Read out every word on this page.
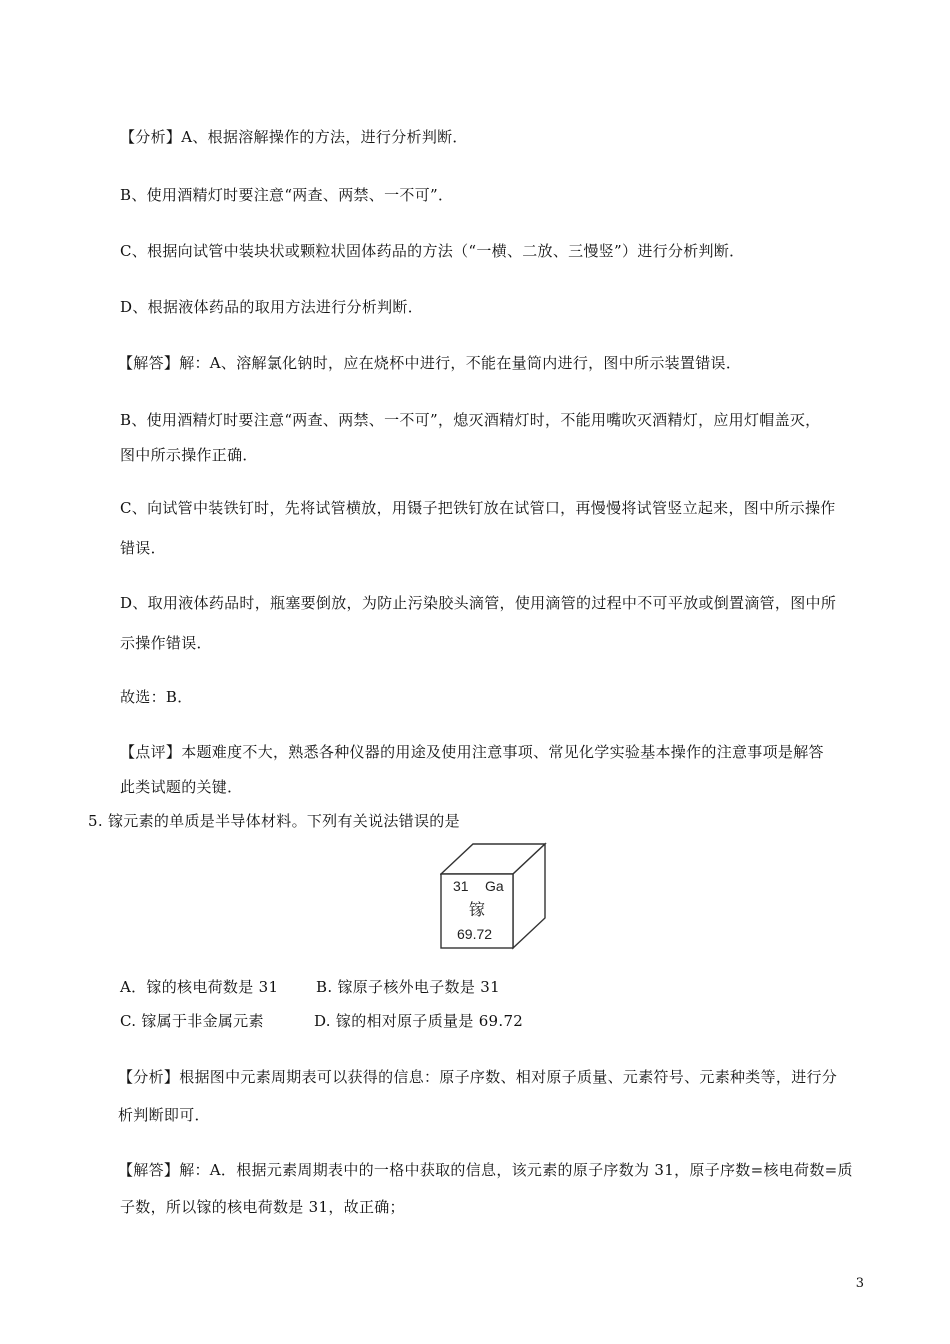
【分析】A、根据溶解操作的方法，进行分析判断．
B、使用酒精灯时要注意“两查、两禁、一不可”．
C、根据向试管中装块状或颗粒状固体药品的方法（“一横、二放、三慢竖”）进行分析判断．
D、根据液体药品的取用方法进行分析判断．
【解答】解：A、溶解氯化钠时，应在烧杯中进行，不能在量筒内进行，图中所示装置错误．
B、使用酒精灯时要注意“两查、两禁、一不可”，熄灭酒精灯时，不能用嘴吹灭酒精灯，应用灯帽盖灭，
图中所示操作正确．
C、向试管中装铁钉时，先将试管横放，用镊子把铁钉放在试管口，再慢慢将试管竖立起来，图中所示操作
错误．
D、取用液体药品时，瓶塞要倒放，为防止污染胶头滴管，使用滴管的过程中不可平放或倒置滴管，图中所
示操作错误．
故选：B．
【点评】本题难度不大，熟悉各种仪器的用途及使用注意事项、常见化学实验基本操作的注意事项是解答
此类试题的关键．
5. 镓元素的单质是半导体材料。下列有关说法错误的是
31 Ga
镓
69.72
A．镓的核电荷数是 31	B. 镓原子核外电子数是 31
C. 镓属于非金属元素	D. 镓的相对原子质量是 69.72
【分析】根据图中元素周期表可以获得的信息：原子序数、相对原子质量、元素符号、元素种类等，进行分
析判断即可．
【解答】解：A．根据元素周期表中的一格中获取的信息，该元素的原子序数为 31，原子序数=核电荷数=质
子数，所以镓的核电荷数是 31，故正确；
3
